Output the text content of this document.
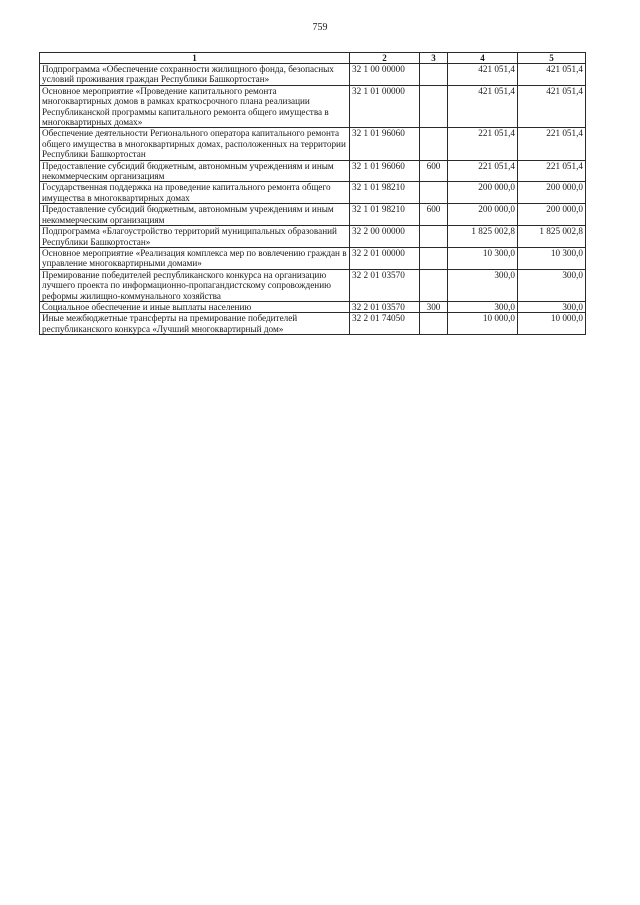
759
1	2	3	4	5
Подпрограмма «Обеспечение сохранности жилищного фонда, безопасных условий проживания граждан Республики Башкортостан»	32 1 00 00000		421 051,4	421 051,4
Основное мероприятие «Проведение капитального ремонта многоквартирных домов в рамках краткосрочного плана реализации Республиканской программы капитального ремонта общего имущества в многоквартирных домах»	32 1 01 00000		421 051,4	421 051,4
Обеспечение деятельности Регионального оператора капитального ремонта общего имущества в многоквартирных домах, расположенных на территории Республики Башкортостан	32 1 01 96060		221 051,4	221 051,4
Предоставление субсидий бюджетным, автономным учреждениям и иным некоммерческим организациям	32 1 01 96060	600	221 051,4	221 051,4
Государственная поддержка на проведение капитального ремонта общего имущества в многоквартирных домах	32 1 01 98210		200 000,0	200 000,0
Предоставление субсидий бюджетным, автономным учреждениям и иным некоммерческим организациям	32 1 01 98210	600	200 000,0	200 000,0
Подпрограмма «Благоустройство территорий муниципальных образований Республики Башкортостан»	32 2 00 00000		1 825 002,8	1 825 002,8
Основное мероприятие «Реализация комплекса мер по вовлечению граждан в управление многоквартирными домами»	32 2 01 00000		10 300,0	10 300,0
Премирование победителей республиканского конкурса на организацию лучшего проекта по информационно-пропагандистскому сопровождению реформы жилищно-коммунального хозяйства	32 2 01 03570		300,0	300,0
Социальное обеспечение и иные выплаты населению	32 2 01 03570	300	300,0	300,0
Иные межбюджетные трансферты на премирование победителей республиканского конкурса «Лучший многоквартирный дом»	32 2 01 74050		10 000,0	10 000,0
